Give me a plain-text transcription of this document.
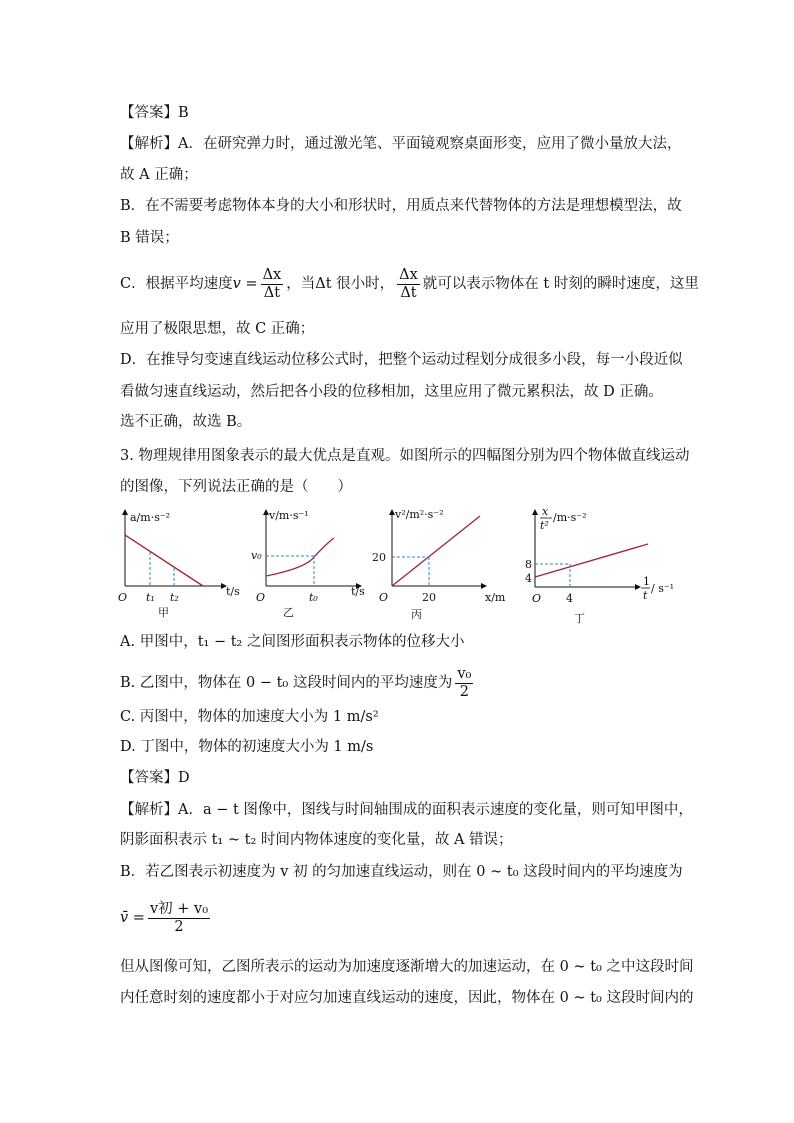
【答案】B
【解析】A．在研究弹力时，通过激光笔、平面镜观察桌面形变，应用了微小量放大法，
故 A 正确；
B．在不需要考虑物体本身的大小和形状时，用质点来代替物体的方法是理想模型法，故
B 错误；
C．根据平均速度$v = \frac{\Delta x}{\Delta t}$ ，当Δt 很小时， $\frac{\Delta x}{\Delta t}$ 就可以表示物体在 t 时刻的瞬时速度，这里
应用了极限思想，故 C 正确；
D．在推导匀变速直线运动位移公式时，把整个运动过程划分成很多小段，每一小段近似
看做匀速直线运动，然后把各小段的位移相加，这里应用了微元累积法，故 D 正确。
选不正确，故选 B。
3. 物理规律用图象表示的最大优点是直观。如图所示的四幅图分别为四个物体做直线运动
的图像，下列说法正确的是（　　）
a/m·s⁻²
t/s
O t₁ t₂
甲
v/m·s⁻¹
t/s
O
v₀
t₀
乙
v²/m²·s⁻²
x/m
O
20
20
丙
x
t²
/m·s⁻²
1
t
/ s⁻¹
O
8
4
4
丁
A. 甲图中，t₁ − t₂ 之间图形面积表示物体的位移大小
B. 乙图中，物体在 0 − t₀ 这段时间内的平均速度为 $\frac{\text{v₀}}{2}$
C. 丙图中，物体的加速度大小为 1 m/s²
D. 丁图中，物体的初速度大小为 1 m/s
【答案】D
【解析】A．a − t 图像中，图线与时间轴围成的面积表示速度的变化量，则可知甲图中，
阴影面积表示 t₁ ~ t₂ 时间内物体速度的变化量，故 A 错误；
B．若乙图表示初速度为 v 初 的匀加速直线运动，则在 0 ~ t₀ 这段时间内的平均速度为
v̄ = $\frac{\text{v初 + v₀}}{2}$
但从图像可知，乙图所表示的运动为加速度逐渐增大的加速运动，在 0 ~ t₀ 之中这段时间
内任意时刻的速度都小于对应匀加速直线运动的速度，因此，物体在 0 ~ t₀ 这段时间内的
